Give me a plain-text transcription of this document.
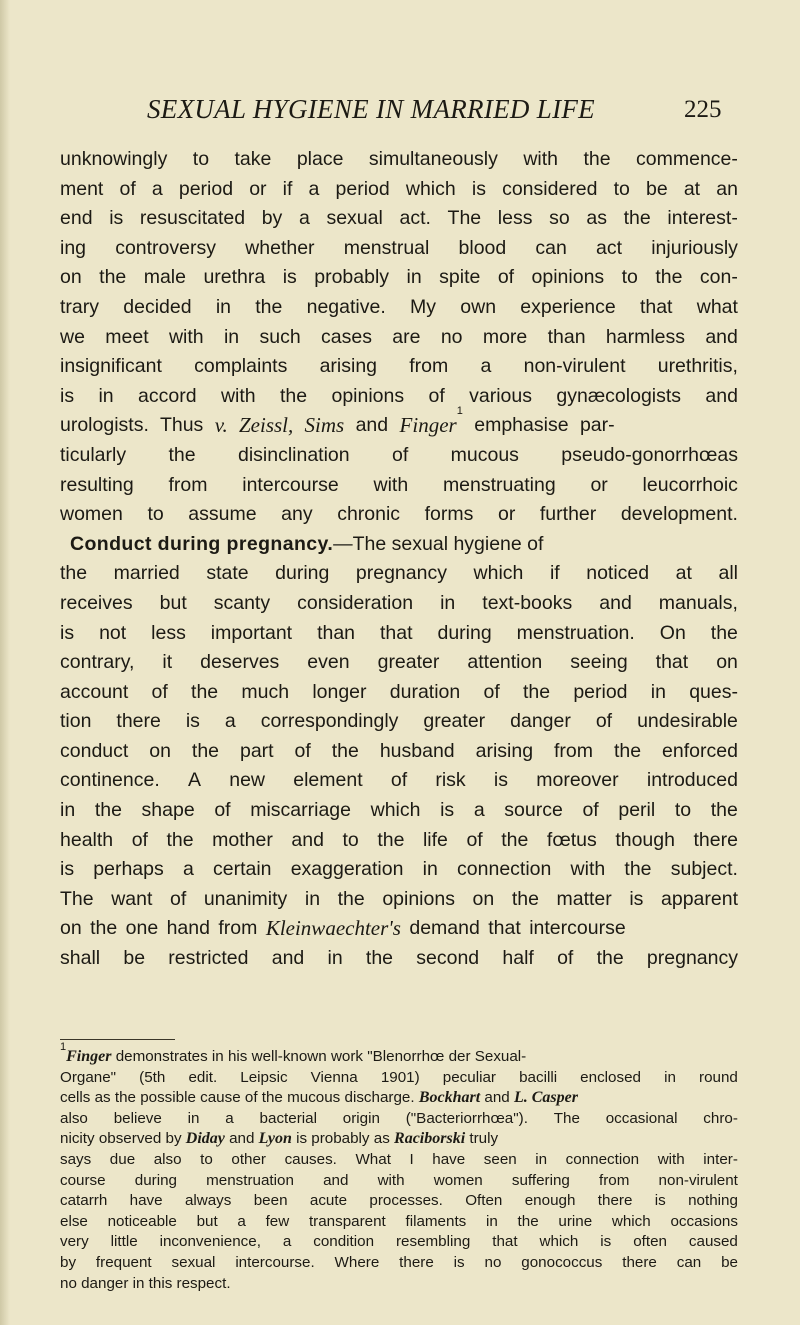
SEXUAL HYGIENE IN MARRIED LIFE	225
unknowingly to take place simultaneously with the commence-
ment of a period or if a period which is considered to be at an
end is resuscitated by a sexual act. The less so as the interest-
ing controversy whether menstrual blood can act injuriously
on the male urethra is probably in spite of opinions to the con-
trary decided in the negative. My own experience that what
we meet with in such cases are no more than harmless and
insignificant complaints arising from a non-virulent urethritis,
is in accord with the opinions of various gynæcologists and
urologists. Thus v. Zeissl, Sims and Finger
1
emphasise par-
ticularly the disinclination of mucous pseudo-gonorrhœas
resulting from intercourse with menstruating or leucorrhoic
women to assume any chronic forms or further development.
Conduct during pregnancy. —The sexual hygiene of
the married state during pregnancy which if noticed at all
receives but scanty consideration in text-books and manuals,
is not less important than that during menstruation. On the
contrary, it deserves even greater attention seeing that on
account of the much longer duration of the period in ques-
tion there is a correspondingly greater danger of undesirable
conduct on the part of the husband arising from the enforced
continence. A new element of risk is moreover introduced
in the shape of miscarriage which is a source of peril to the
health of the mother and to the life of the fœtus though there
is perhaps a certain exaggeration in connection with the subject.
The want of unanimity in the opinions on the matter is apparent
on the one hand from Kleinwaechter's demand that intercourse
shall be restricted and in the second half of the pregnancy
1
Finger demonstrates in his well-known work "Blenorrhœ der Sexual-
Organe" (5th edit. Leipsic Vienna 1901) peculiar bacilli enclosed in round
cells as the possible cause of the mucous discharge.
Bockhart and L. Casper
also believe in a bacterial origin ("Bacteriorrhœa"). The occasional chro-
nicity observed by Diday and Lyon is probably as Raciborski truly
says due also to other causes. What I have seen in connection with inter-
course during menstruation and with women suffering from non-virulent
catarrh have always been acute processes. Often enough there is nothing
else noticeable but a few transparent filaments in the urine which occasions
very little inconvenience, a condition resembling that which is often caused
by frequent sexual intercourse. Where there is no gonococcus there can be
no danger in this respect.
